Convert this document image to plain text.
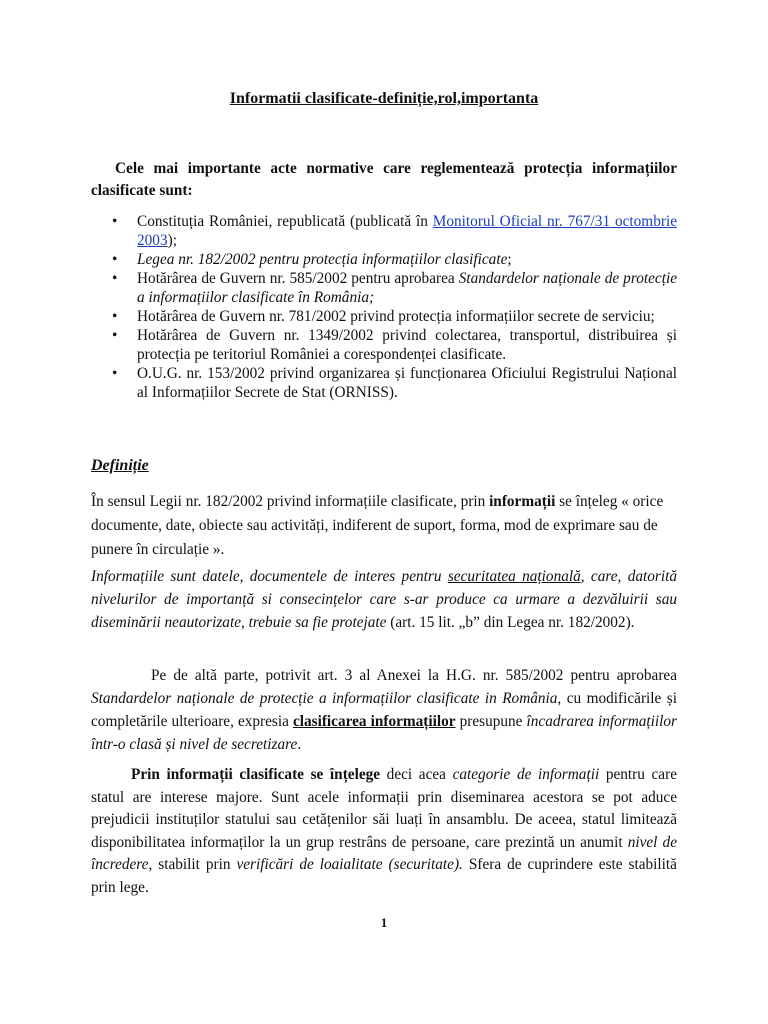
Informatii clasificate-definiție,rol,importanta
Cele mai importante acte normative care reglementează protecția informațiilor clasificate sunt:
• Constituția României, republicată (publicată în Monitorul Oficial nr. 767/31 octombrie 2003);
• Legea nr. 182/2002 pentru protecția informațiilor clasificate;
• Hotărârea de Guvern nr. 585/2002 pentru aprobarea Standardelor naționale de protecție a informațiilor clasificate în România;
• Hotărârea de Guvern nr. 781/2002 privind protecția informațiilor secrete de serviciu;
• Hotărârea de Guvern nr. 1349/2002 privind colectarea, transportul, distribuirea și protecția pe teritoriul României a corespondenței clasificate.
• O.U.G. nr. 153/2002 privind organizarea și funcționarea Oficiului Registrului Național al Informațiilor Secrete de Stat (ORNISS).
Definiție
În sensul Legii nr. 182/2002 privind informațiile clasificate, prin informații se înțeleg « orice documente, date, obiecte sau activități, indiferent de suport, forma, mod de exprimare sau de punere în circulație ».
Informațiile sunt datele, documentele de interes pentru securitatea națională, care, datorită nivelurilor de importanță si consecințelor care s-ar produce ca urmare a dezvăluirii sau diseminării neautorizate, trebuie sa fie protejate (art. 15 lit. „b” din Legea nr. 182/2002).
Pe de altă parte, potrivit art. 3 al Anexei la H.G. nr. 585/2002 pentru aprobarea Standardelor naționale de protecție a informațiilor clasificate in România, cu modificările și completările ulterioare, expresia clasificarea informațiilor presupune încadrarea informațiilor într-o clasă și nivel de secretizare.
Prin informații clasificate se înțelege deci acea categorie de informații pentru care statul are interese majore. Sunt acele informații prin diseminarea acestora se pot aduce prejudicii instituților statului sau cetățenilor săi luați în ansamblu. De aceea, statul limitează disponibilitatea informaților la un grup restrâns de persoane, care prezintă un anumit nivel de încredere, stabilit prin verificări de loaialitate (securitate). Sfera de cuprindere este stabilită prin lege.
1
